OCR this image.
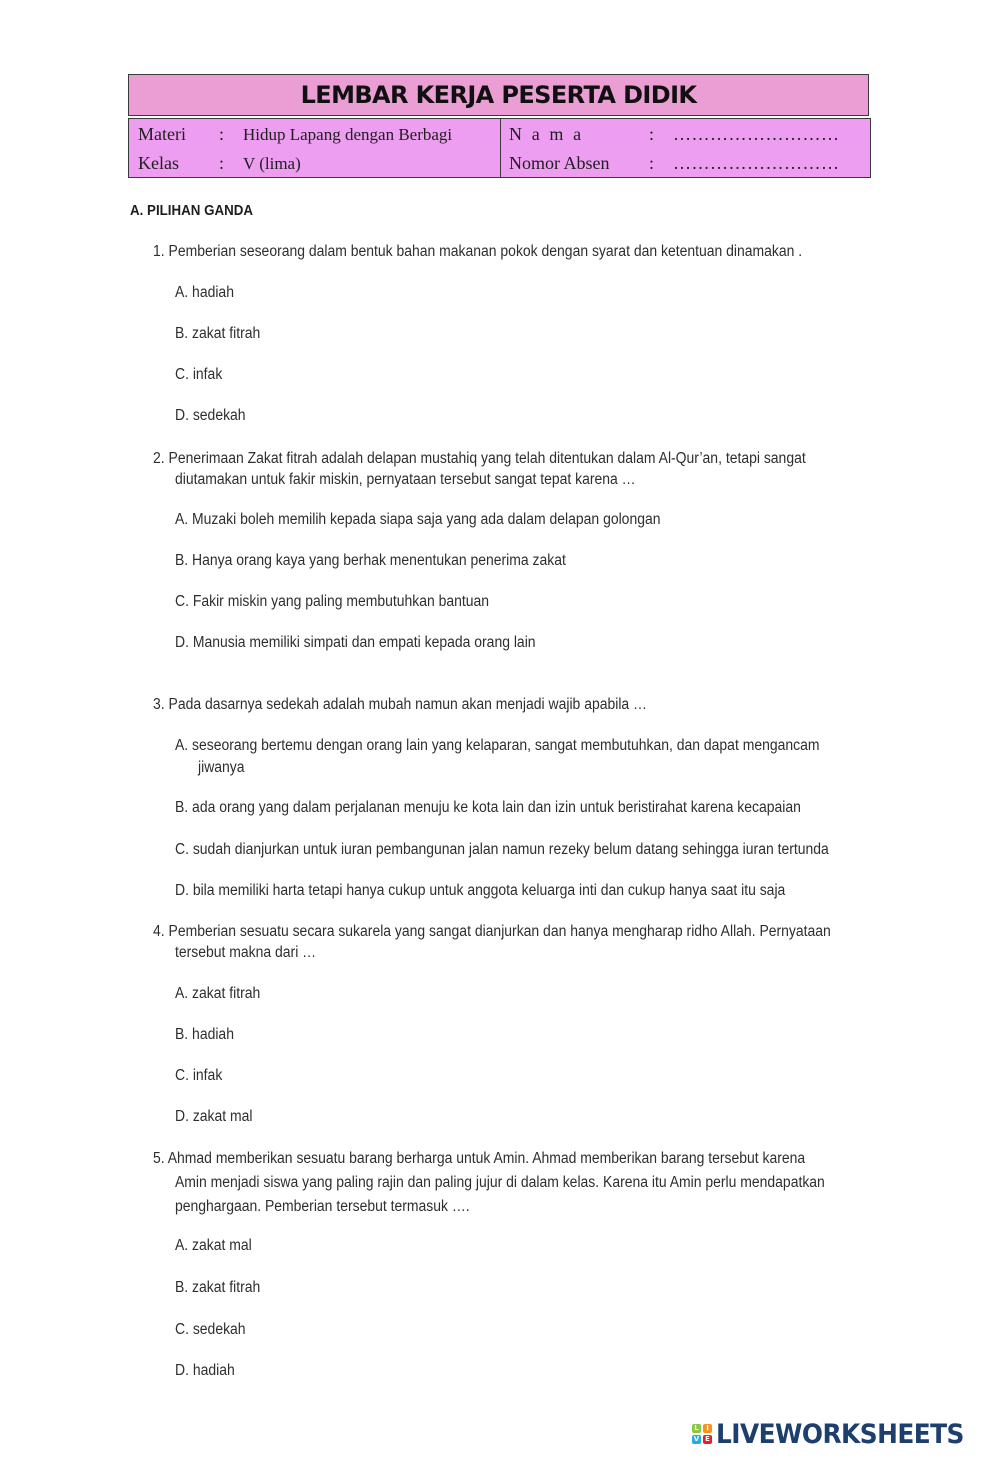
LEMBAR KERJA PESERTA DIDIK
Materi : Hidup Lapang dengan Berbagi
Kelas : V (lima)
N a m a	: ………………………
Nomor Absen : ………………………
A. PILIHAN GANDA
1. Pemberian seseorang dalam bentuk bahan makanan pokok dengan syarat dan ketentuan dinamakan .
A. hadiah
B. zakat fitrah
C. infak
D. sedekah
2. Penerimaan Zakat fitrah adalah delapan mustahiq yang telah ditentukan dalam Al-Qur’an, tetapi sangat
diutamakan untuk fakir miskin, pernyataan tersebut sangat tepat karena …
A. Muzaki boleh memilih kepada siapa saja yang ada dalam delapan golongan
B. Hanya orang kaya yang berhak menentukan penerima zakat
C. Fakir miskin yang paling membutuhkan bantuan
D. Manusia memiliki simpati dan empati kepada orang lain
3. Pada dasarnya sedekah adalah mubah namun akan menjadi wajib apabila …
A. seseorang bertemu dengan orang lain yang kelaparan, sangat membutuhkan, dan dapat mengancam
jiwanya
B. ada orang yang dalam perjalanan menuju ke kota lain dan izin untuk beristirahat karena kecapaian
C. sudah dianjurkan untuk iuran pembangunan jalan namun rezeky belum datang sehingga iuran tertunda
D. bila memiliki harta tetapi hanya cukup untuk anggota keluarga inti dan cukup hanya saat itu saja
4. Pemberian sesuatu secara sukarela yang sangat dianjurkan dan hanya mengharap ridho Allah. Pernyataan
tersebut makna dari …
A. zakat fitrah
B. hadiah
C. infak
D. zakat mal
5. Ahmad memberikan sesuatu barang berharga untuk Amin. Ahmad memberikan barang tersebut karena
Amin menjadi siswa yang paling rajin dan paling jujur di dalam kelas. Karena itu Amin perlu mendapatkan
penghargaan. Pemberian tersebut termasuk ….
A. zakat mal
B. zakat fitrah
C. sedekah
D. hadiah
L	I
V E LIVEWORKSHEETS
